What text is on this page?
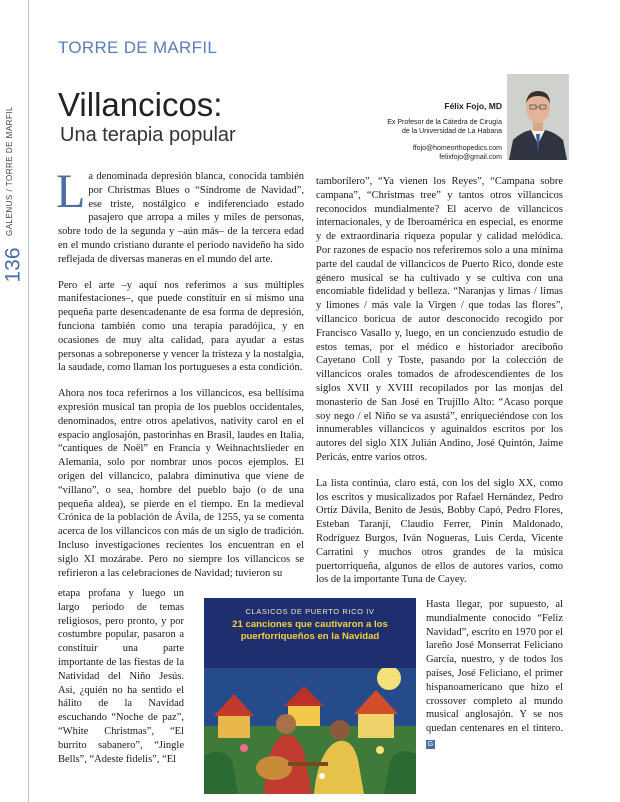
GALENUS / TORRE DE MARFIL
136
TORRE DE MARFIL
Villancicos:
Una terapia popular
Félix Fojo, MD
Ex Profesor de la Cátedra de Cirugía
de la Universidad de La Habana
ffojo@homeorthopedics.com
felixfojo@gmail.com

La denominada depresión blanca, conocida también por Christmas Blues o “Síndrome de Navidad”, ese triste, nostálgico e indiferenciado estado pasajero que arropa a miles y miles de personas, sobre todo de la segunda y –aún más– de la tercera edad en el mundo cristiano durante el periodo navideño ha sido reflejada de diversas maneras en el mundo del arte.

Pero el arte –y aquí nos referimos a sus múltiples manifestaciones–, que puede constituir en sí mismo una pequeña parte desencadenante de esa forma de depresión, funciona también como una terapia paradójica, y en ocasiones de muy alta calidad, para ayudar a estas personas a sobreponerse y vencer la tristeza y la nostalgia, la saudade, como llaman los portugueses a esta condición.

Ahora nos toca referirnos a los villancicos, esa bellísima expresión musical tan propia de los pueblos occidentales, denominados, entre otros apelativos, nativity carol en el espacio anglosajón, pastorinhas en Brasil, laudes en Italia, “cantiques de Noël” en Francia y Weihnachtslieder en Alemania, solo por nombrar unos pocos ejemplos. El origen del villancico, palabra diminutiva que viene de “villano”, o sea, hombre del pueblo bajo (o de una pequeña aldea), se pierde en el tiempo. En la medieval Crónica de la población de Ávila, de 1255, ya se comenta acerca de los villancicos con más de un siglo de tradición. Incluso investigaciones recientes los encuentran en el siglo XI mozárabe. Pero no siempre los villancicos se refirieron a las celebraciones de Navidad; tuvieron su

etapa profana y luego un largo periodo de temas religiosos, pero pronto, y por costumbre popular, pasaron a constituir una parte importante de las fiestas de la Natividad del Niño Jesús. Así, ¿quién no ha sentido el hálito de la Navidad escuchando “Noche de paz”, “White Christmas”, “El burrito sabanero”, “Jingle Bells”, “Adeste fidelis”, “El

tamborilero”, “Ya vienen los Reyes”, “Campana sobre campana”, “Christmas tree” y tantos otros villancicos reconocidos mundialmente? El acervo de villancicos internacionales, y de Iberoamérica en especial, es enorme y de extraordinaria riqueza popular y calidad melódica. Por razones de espacio nos referiremos solo a una mínima parte del caudal de villancicos de Puerto Rico, donde este género musical se ha cultivado y se cultiva con una encomiable fidelidad y belleza. “Naranjas y limas / limas y limones / más vale la Virgen / que todas las flores”, villancico boricua de autor desconocido recogido por Francisco Vasallo y, luego, en un concienzudo estudio de estos temas, por el médico e historiador areciboño Cayetano Coll y Toste, pasando por la colección de villancicos orales tomados de afrodescendientes de los siglos XVII y XVIII recopilados por las monjas del monasterio de San José en Trujillo Alto: “Acaso porque soy nego / el Niño se va asustá”, enriqueciéndose con los innumerables villancicos y aguinaldos escritos por los autores del siglo XIX Julián Andino, José Quintón, Jaime Pericás, entre varios otros.

La lista continúa, claro está, con los del siglo XX, como los escritos y musicalizados por Rafael Hernández, Pedro Ortiz Dávila, Benito de Jesús, Bobby Capó, Pedro Flores, Esteban Taranjí, Claudio Ferrer, Pinín Maldonado, Rodríguez Burgos, Iván Nogueras, Luis Cerda, Vicente Carratini y muchos otros grandes de la música puertorriqueña, algunos de ellos de autores varios, como los de la importante Tuna de Cayey.

Hasta llegar, por supuesto, al mundialmente conocido “Feliz Navidad”, escrito en 1970 por el lareño José Monserrat Feliciano García, nuestro, y de todos los países, José Feliciano, el primer hispanoamericano que hizo el crossover completo al mundo musical anglosajón. Y se nos quedan centenares en el tintero. G
CLASICOS DE PUERTO RICO IV
21 canciones que cautivaron a los
puerforriqueños en la Navidad
